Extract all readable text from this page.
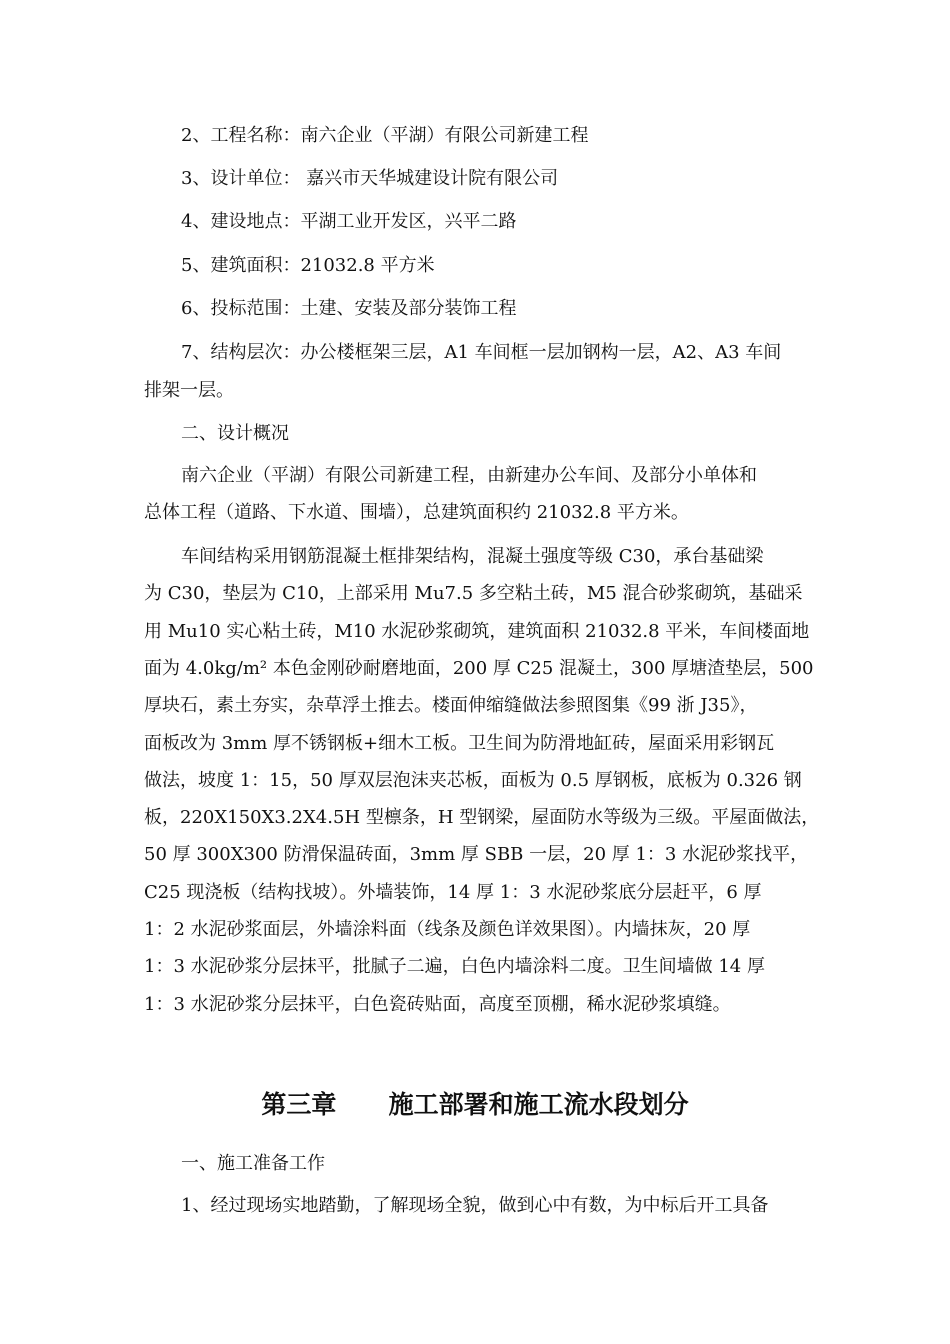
2、工程名称：南六企业（平湖）有限公司新建工程
3、设计单位： 嘉兴市天华城建设计院有限公司
4、建设地点：平湖工业开发区，兴平二路
5、建筑面积：21032.8 平方米
6、投标范围：土建、安装及部分装饰工程
7、结构层次：办公楼框架三层，A1 车间框一层加钢构一层，A2、A3 车间
排架一层。
二、设计概况
南六企业（平湖）有限公司新建工程，由新建办公车间、及部分小单体和
总体工程（道路、下水道、围墙），总建筑面积约 21032.8 平方米。
车间结构采用钢筋混凝土框排架结构，混凝土强度等级 C30，承台基础梁
为 C30，垫层为 C10，上部采用 Mu7.5 多空粘土砖，M5 混合砂浆砌筑，基础采
用 Mu10 实心粘土砖，M10 水泥砂浆砌筑，建筑面积 21032.8 平米，车间楼面地
面为 4.0kg/m² 本色金刚砂耐磨地面，200 厚 C25 混凝土，300 厚塘渣垫层，500
厚块石，素土夯实，杂草浮土推去。楼面伸缩缝做法参照图集《99 浙 J35》，
面板改为 3mm 厚不锈钢板+细木工板。卫生间为防滑地缸砖，屋面采用彩钢瓦
做法，坡度 1：15，50 厚双层泡沫夹芯板，面板为 0.5 厚钢板，底板为 0.326 钢
板，220X150X3.2X4.5H 型檩条，H 型钢梁，屋面防水等级为三级。平屋面做法，
50 厚 300X300 防滑保温砖面，3mm 厚 SBB 一层，20 厚 1：3 水泥砂浆找平，
C25 现浇板（结构找坡）。外墙装饰，14 厚 1：3 水泥砂浆底分层赶平，6 厚
1：2 水泥砂浆面层，外墙涂料面（线条及颜色详效果图）。内墙抹灰，20 厚
1：3 水泥砂浆分层抹平，批腻子二遍，白色内墙涂料二度。卫生间墙做 14 厚
1：3 水泥砂浆分层抹平，白色瓷砖贴面，高度至顶棚，稀水泥砂浆填缝。
第三章      施工部署和施工流水段划分
一、施工准备工作
1、经过现场实地踏勤，了解现场全貌，做到心中有数，为中标后开工具备
